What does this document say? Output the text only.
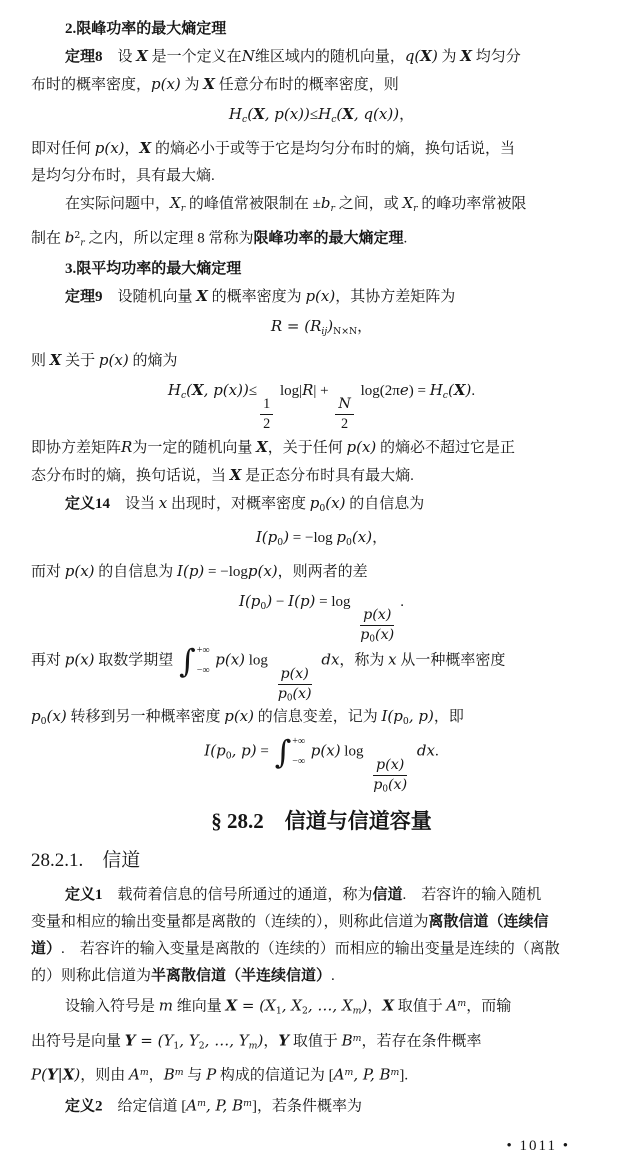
2.限峰功率的最大熵定理
定理8　设 X 是一个定义在N维区域内的随机向量，q(X) 为 X 均匀分
布时的概率密度，p(x) 为 X 任意分布时的概率密度，则
$H_c(X$, $p(x))\le H_c(X$, q(x))，
即对任何 p(x)，X 的熵必小于或等于它是均匀分布时的熵，换句话说，当
是均匀分布时，具有最大熵.
在实际问题中，$X_r$ 的峰值常被限制在 $\pm b_r$ 之间，或 $X_r$ 的峰功率常被限
制在 $b^2_r$ 之内，所以定理 8 常称为限峰功率的最大熵定理.
3.限平均功率的最大熵定理
定理9　设随机向量 X 的概率密度为 p(x)，其协方差矩阵为
$R = (R_{ij})_{N\times N}$，
则 X 关于 p(x) 的熵为
$H_c(X$, p(x))≤
$\frac{1}{2}$
log|R| +
$\frac{N}{2}$
$\log(2\pi e) = H_c(X)$.
即协方差矩阵R为一定的随机向量 X，关于任何 p(x) 的熵必不超过它是正
态分布时的熵，换句话说，当 X 是正态分布时具有最大熵.
定义14　设当 x 出现时，对概率密度 $p_0(x)$ 的自信息为
$I(p_0) = -\log$ $p_0(x)$，
而对 p(x) 的自信息为 I(p) = −logp(x)，则两者的差
$I(p_0) - I(p) = \log$
$\frac{p(x)}{p_0(x)}$
.
再对 p(x) 取数学期望 ∫ +∞
−∞
p(x) log
$\frac{p(x)}{p_0(x)}$
dx，称为 x 从一种概率密度
$p_0(x)$ 转移到另一种概率密度 p(x) 的信息变差，记为 $I(p_0$, p)，即
$I(p_0$, p) = ∫ +∞
−∞
p(x) log
$\frac{p(x)}{p_0(x)}$
dx.
§ 28.2　信道与信道容量
28.2.1.　信道
定义1　载荷着信息的信号所通过的通道，称为信道.　若容许的输入随机
变量和相应的输出变量都是离散的（连续的），则称此信道为离散信道（连续信
道）.　若容许的输入变量是离散的（连续的）而相应的输出变量是连续的（离散
的）则称此信道为半离散信道（半连续信道）.
设输入符号是 m 维向量 $X = (X_1$, $X_2$, …, $X_m$)，X 取值于 $A^m$，而输
出符号是向量 $Y = (Y_1$, $Y_2$, …, $Y_m$)，Y 取值于 $B^m$，若存在条件概率
P(Y|X)，则由 $A^m$，$B^m$ 与 P 构成的信道记为 [$A^m$, P, $B^m$].
定义2　给定信道 [$A^m$, P, $B^m$]，若条件概率为
• 1011 •
